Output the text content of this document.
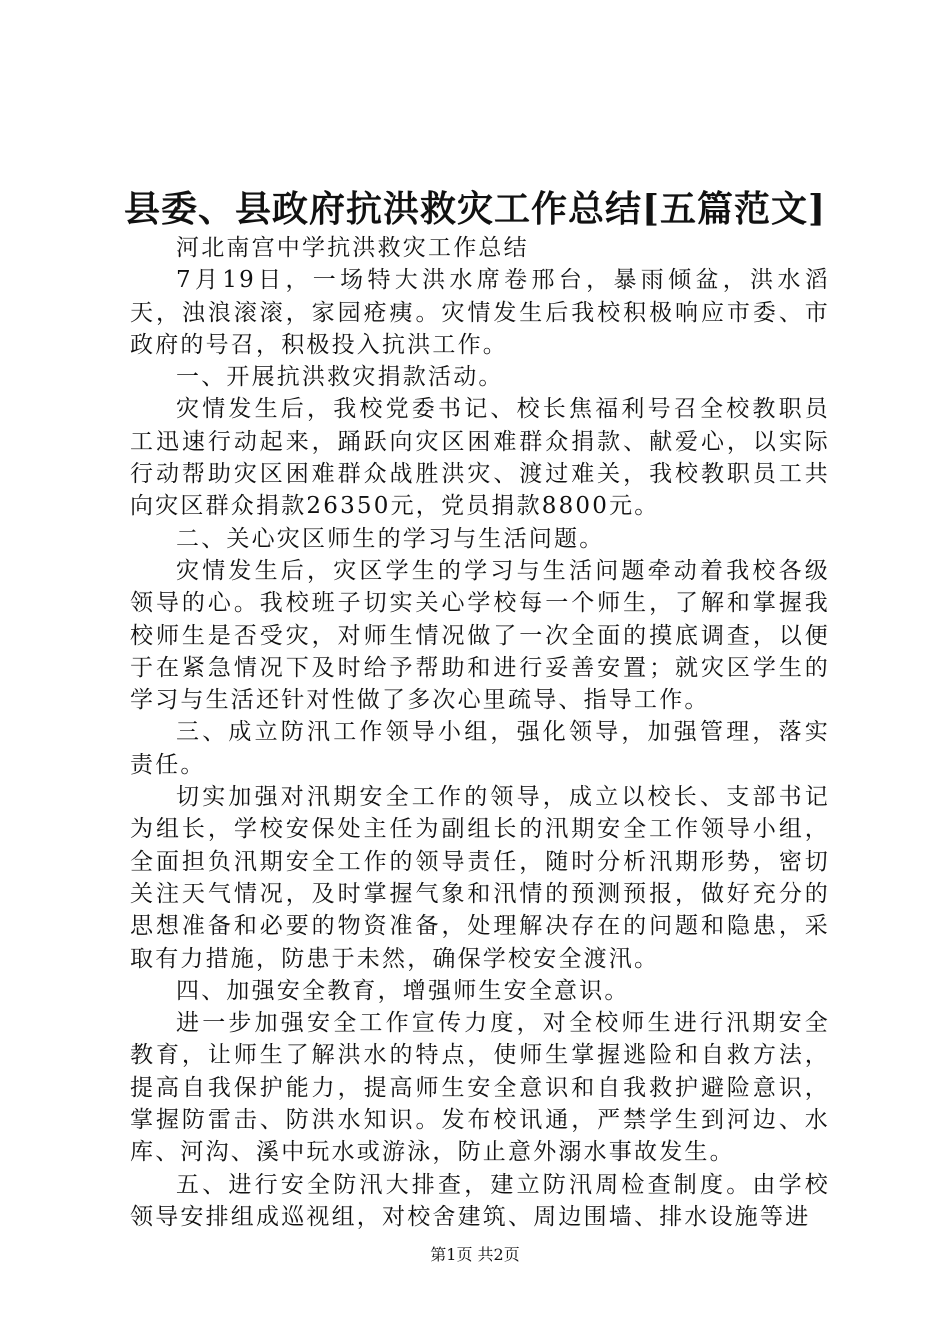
县委、县政府抗洪救灾工作总结[五篇范文]

河北南宫中学抗洪救灾工作总结

7月19日，一场特大洪水席卷邢台，暴雨倾盆，洪水滔天，浊浪滚滚，家园疮痍。灾情发生后我校积极响应市委、市政府的号召，积极投入抗洪工作。

一、开展抗洪救灾捐款活动。

灾情发生后，我校党委书记、校长焦福利号召全校教职员工迅速行动起来，踊跃向灾区困难群众捐款、献爱心，以实际行动帮助灾区困难群众战胜洪灾、渡过难关，我校教职员工共向灾区群众捐款26350元，党员捐款8800元。

二、关心灾区师生的学习与生活问题。

灾情发生后，灾区学生的学习与生活问题牵动着我校各级领导的心。我校班子切实关心学校每一个师生，了解和掌握我校师生是否受灾，对师生情况做了一次全面的摸底调查，以便于在紧急情况下及时给予帮助和进行妥善安置；就灾区学生的学习与生活还针对性做了多次心里疏导、指导工作。

三、成立防汛工作领导小组，强化领导，加强管理，落实责任。

切实加强对汛期安全工作的领导，成立以校长、支部书记为组长，学校安保处主任为副组长的汛期安全工作领导小组，全面担负汛期安全工作的领导责任，随时分析汛期形势，密切关注天气情况，及时掌握气象和汛情的预测预报，做好充分的思想准备和必要的物资准备，处理解决存在的问题和隐患，采取有力措施，防患于未然，确保学校安全渡汛。

四、加强安全教育，增强师生安全意识。

进一步加强安全工作宣传力度，对全校师生进行汛期安全教育，让师生了解洪水的特点，使师生掌握逃险和自救方法，提高自我保护能力，提高师生安全意识和自我救护避险意识，掌握防雷击、防洪水知识。发布校讯通，严禁学生到河边、水库、河沟、溪中玩水或游泳，防止意外溺水事故发生。

五、进行安全防汛大排查，建立防汛周检查制度。由学校领导安排组成巡视组，对校舍建筑、周边围墙、排水设施等进

第1页 共2页
